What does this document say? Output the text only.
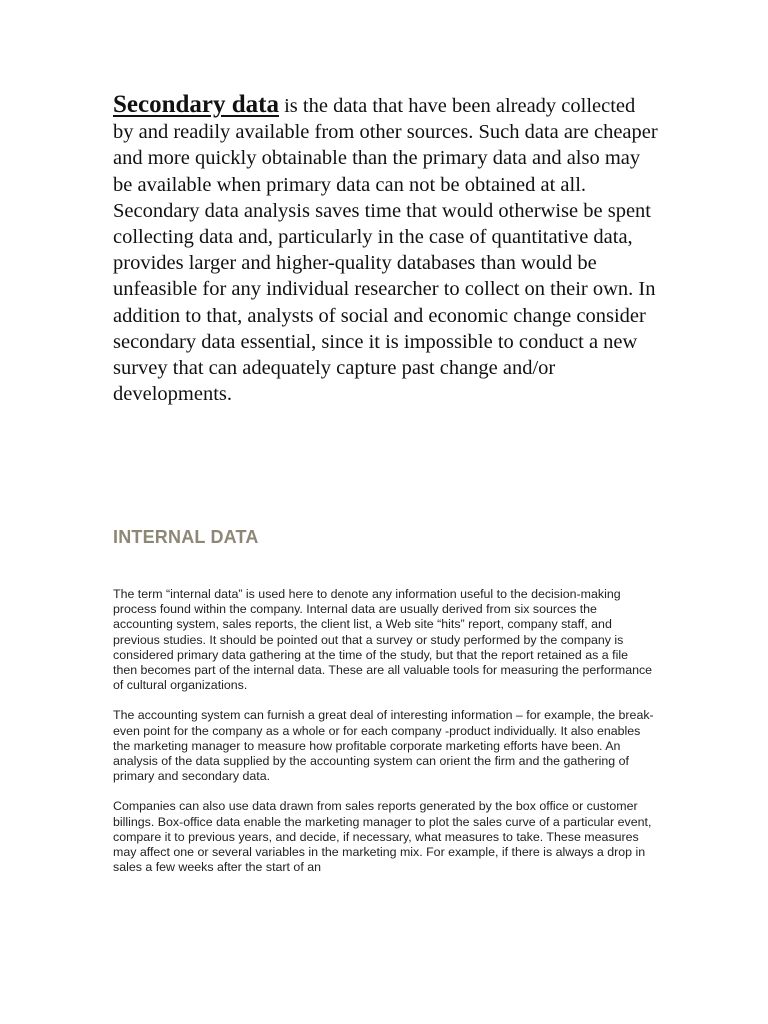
Secondary data is the data that have been already collected by and readily available from other sources. Such data are cheaper and more quickly obtainable than the primary data and also may be available when primary data can not be obtained at all.

Secondary data analysis saves time that would otherwise be spent collecting data and, particularly in the case of quantitative data, provides larger and higher-quality databases than would be unfeasible for any individual researcher to collect on their own. In addition to that, analysts of social and economic change consider secondary data essential, since it is impossible to conduct a new survey that can adequately capture past change and/or developments.

INTERNAL DATA

The term “internal data” is used here to denote any information useful to the decision-making process found within the company. Internal data are usually derived from six sources the accounting system, sales reports, the client list, a Web site “hits” report, company staff, and previous studies. It should be pointed out that a survey or study performed by the company is considered primary data gathering at the time of the study, but that the report retained as a file then becomes part of the internal data. These are all valuable tools for measuring the performance of cultural organizations.

The accounting system can furnish a great deal of interesting information – for example, the break-even point for the company as a whole or for each company -product individually. It also enables the marketing manager to measure how profitable corporate marketing efforts have been. An analysis of the data supplied by the accounting system can orient the firm and the gathering of primary and secondary data.

Companies can also use data drawn from sales reports generated by the box office or customer billings. Box-office data enable the marketing manager to plot the sales curve of a particular event, compare it to previous years, and decide, if necessary, what measures to take. These measures may affect one or several variables in the marketing mix. For example, if there is always a drop in sales a few weeks after the start of an
